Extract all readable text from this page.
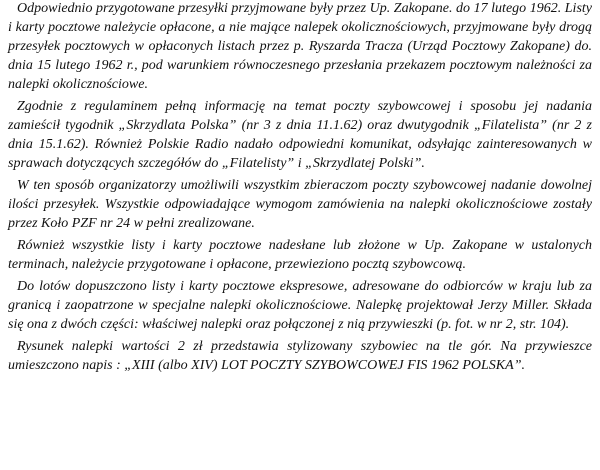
Odpowiednio przygotowane przesyłki przyjmowane były przez Up. Zakopane. do 17 lutego 1962. Listy i karty pocztowe należycie opłacone, a nie mające nalepek okolicznościowych, przyjmowane były drogą przesyłek pocztowych w opłaconych listach przez p. Ryszarda Tracza (Urząd Pocztowy Zakopane) do. dnia 15 lutego 1962 r., pod warunkiem równoczesnego przesłania przekazem pocztowym należności za nalepki okolicznościowe.

Zgodnie z regulaminem pełną informację na temat poczty szybowcowej i sposobu jej nadania zamieścił tygodnik „Skrzydlata Polska” (nr 3 z dnia 11.1.62) oraz dwutygodnik „Filatelista” (nr 2 z dnia 15.1.62). Również Polskie Radio nadało odpowiedni komunikat, odsyłając zainteresowanych w sprawach dotyczących szczegółów do „Filatelisty” i „Skrzydlatej Polski”.

W ten sposób organizatorzy umożliwili wszystkim zbieraczom poczty szybowcowej nadanie dowolnej ilości przesyłek. Wszystkie odpowiadające wymogom zamówienia na nalepki okolicznościowe zostały przez Koło PZF nr 24 w pełni zrealizowane.

Również wszystkie listy i karty pocztowe nadesłane lub złożone w Up. Zakopane w ustalonych terminach, należycie przygotowane i opłacone, przewieziono pocztą szybowcową.

Do lotów dopuszczono listy i karty pocztowe ekspresowe, adresowane do odbiorców w kraju lub za granicą i zaopatrzone w specjalne nalepki okolicznościowe. Nalepkę projektował Jerzy Miller. Składa się ona z dwóch części: właściwej nalepki oraz połączonej z nią przywieszki (p. fot. w nr 2, str. 104).

Rysunek nalepki wartości 2 zł przedstawia stylizowany szybowiec na tle gór. Na przywieszce umieszczono napis : „XIII (albo XIV) LOT POCZTY SZYBOWCOWEJ FIS 1962 POLSKA”.
